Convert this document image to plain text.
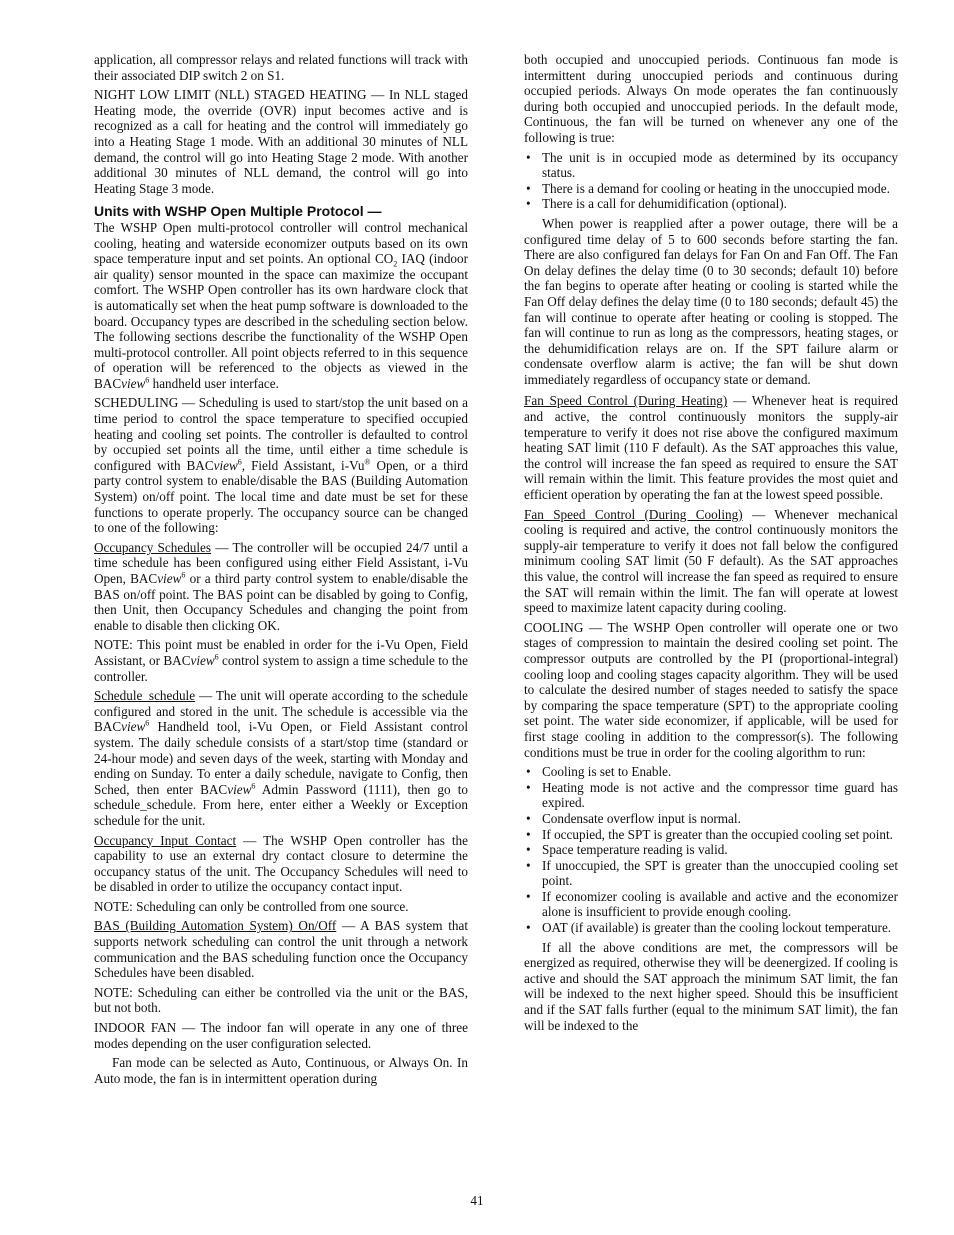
application, all compressor relays and related functions will track with their associated DIP switch 2 on S1.

NIGHT LOW LIMIT (NLL) STAGED HEATING — In NLL staged Heating mode, the override (OVR) input becomes active and is recognized as a call for heating and the control will immediately go into a Heating Stage 1 mode. With an additional 30 minutes of NLL demand, the control will go into Heating Stage 2 mode. With another additional 30 minutes of NLL demand, the control will go into Heating Stage 3 mode.

Units with WSHP Open Multiple Protocol —
The WSHP Open multi-protocol controller will control mechanical cooling, heating and waterside economizer outputs based on its own space temperature input and set points. An optional $CO_2$ IAQ (indoor air quality) sensor mounted in the space can maximize the occupant comfort. The WSHP Open controller has its own hardware clock that is automatically set when the heat pump software is downloaded to the board. Occupancy types are described in the scheduling section below. The following sections describe the functionality of the WSHP Open multi-protocol controller. All point objects referred to in this sequence of operation will be referenced to the objects as viewed in the BACview$^6$ handheld user interface.

SCHEDULING — Scheduling is used to start/stop the unit based on a time period to control the space temperature to specified occupied heating and cooling set points. The controller is defaulted to control by occupied set points all the time, until either a time schedule is configured with BACview$^6$, Field Assistant, i-Vu® Open, or a third party control system to enable/disable the BAS (Building Automation System) on/off point. The local time and date must be set for these functions to operate properly. The occupancy source can be changed to one of the following:

Occupancy Schedules — The controller will be occupied 24/7 until a time schedule has been configured using either Field Assistant, i-Vu Open, BACview$^6$ or a third party control system to enable/disable the BAS on/off point. The BAS point can be disabled by going to Config, then Unit, then Occupancy Schedules and changing the point from enable to disable then clicking OK.

NOTE: This point must be enabled in order for the i-Vu Open, Field Assistant, or BACview$^6$ control system to assign a time schedule to the controller.

Schedule_schedule — The unit will operate according to the schedule configured and stored in the unit. The schedule is accessible via the BACview$^6$ Handheld tool, i-Vu Open, or Field Assistant control system. The daily schedule consists of a start/stop time (standard or 24-hour mode) and seven days of the week, starting with Monday and ending on Sunday. To enter a daily schedule, navigate to Config, then Sched, then enter BACview$^6$ Admin Password (1111), then go to schedule_schedule. From here, enter either a Weekly or Exception schedule for the unit.

Occupancy Input Contact — The WSHP Open controller has the capability to use an external dry contact closure to determine the occupancy status of the unit. The Occupancy Schedules will need to be disabled in order to utilize the occupancy contact input.

NOTE: Scheduling can only be controlled from one source.

BAS (Building Automation System) On/Off — A BAS system that supports network scheduling can control the unit through a network communication and the BAS scheduling function once the Occupancy Schedules have been disabled.

NOTE: Scheduling can either be controlled via the unit or the BAS, but not both.

INDOOR FAN — The indoor fan will operate in any one of three modes depending on the user configuration selected.

Fan mode can be selected as Auto, Continuous, or Always On. In Auto mode, the fan is in intermittent operation during

both occupied and unoccupied periods. Continuous fan mode is intermittent during unoccupied periods and continuous during occupied periods. Always On mode operates the fan continuously during both occupied and unoccupied periods. In the default mode, Continuous, the fan will be turned on whenever any one of the following is true:

• The unit is in occupied mode as determined by its occupancy status.
• There is a demand for cooling or heating in the unoccupied mode.
• There is a call for dehumidification (optional).

When power is reapplied after a power outage, there will be a configured time delay of 5 to 600 seconds before starting the fan. There are also configured fan delays for Fan On and Fan Off. The Fan On delay defines the delay time (0 to 30 seconds; default 10) before the fan begins to operate after heating or cooling is started while the Fan Off delay defines the delay time (0 to 180 seconds; default 45) the fan will continue to operate after heating or cooling is stopped. The fan will continue to run as long as the compressors, heating stages, or the dehumidification relays are on. If the SPT failure alarm or condensate overflow alarm is active; the fan will be shut down immediately regardless of occupancy state or demand.

Fan Speed Control (During Heating) — Whenever heat is required and active, the control continuously monitors the supply-air temperature to verify it does not rise above the configured maximum heating SAT limit (110 F default). As the SAT approaches this value, the control will increase the fan speed as required to ensure the SAT will remain within the limit. This feature provides the most quiet and efficient operation by operating the fan at the lowest speed possible.

Fan Speed Control (During Cooling) — Whenever mechanical cooling is required and active, the control continuously monitors the supply-air temperature to verify it does not fall below the configured minimum cooling SAT limit (50 F default). As the SAT approaches this value, the control will increase the fan speed as required to ensure the SAT will remain within the limit. The fan will operate at lowest speed to maximize latent capacity during cooling.

COOLING — The WSHP Open controller will operate one or two stages of compression to maintain the desired cooling set point. The compressor outputs are controlled by the PI (proportional-integral) cooling loop and cooling stages capacity algorithm. They will be used to calculate the desired number of stages needed to satisfy the space by comparing the space temperature (SPT) to the appropriate cooling set point. The water side economizer, if applicable, will be used for first stage cooling in addition to the compressor(s). The following conditions must be true in order for the cooling algorithm to run:

• Cooling is set to Enable.
• Heating mode is not active and the compressor time guard has expired.
• Condensate overflow input is normal.
• If occupied, the SPT is greater than the occupied cooling set point.
• Space temperature reading is valid.
• If unoccupied, the SPT is greater than the unoccupied cooling set point.
• If economizer cooling is available and active and the economizer alone is insufficient to provide enough cooling.
• OAT (if available) is greater than the cooling lockout temperature.

If all the above conditions are met, the compressors will be energized as required, otherwise they will be deenergized. If cooling is active and should the SAT approach the minimum SAT limit, the fan will be indexed to the next higher speed. Should this be insufficient and if the SAT falls further (equal to the minimum SAT limit), the fan will be indexed to the

41
